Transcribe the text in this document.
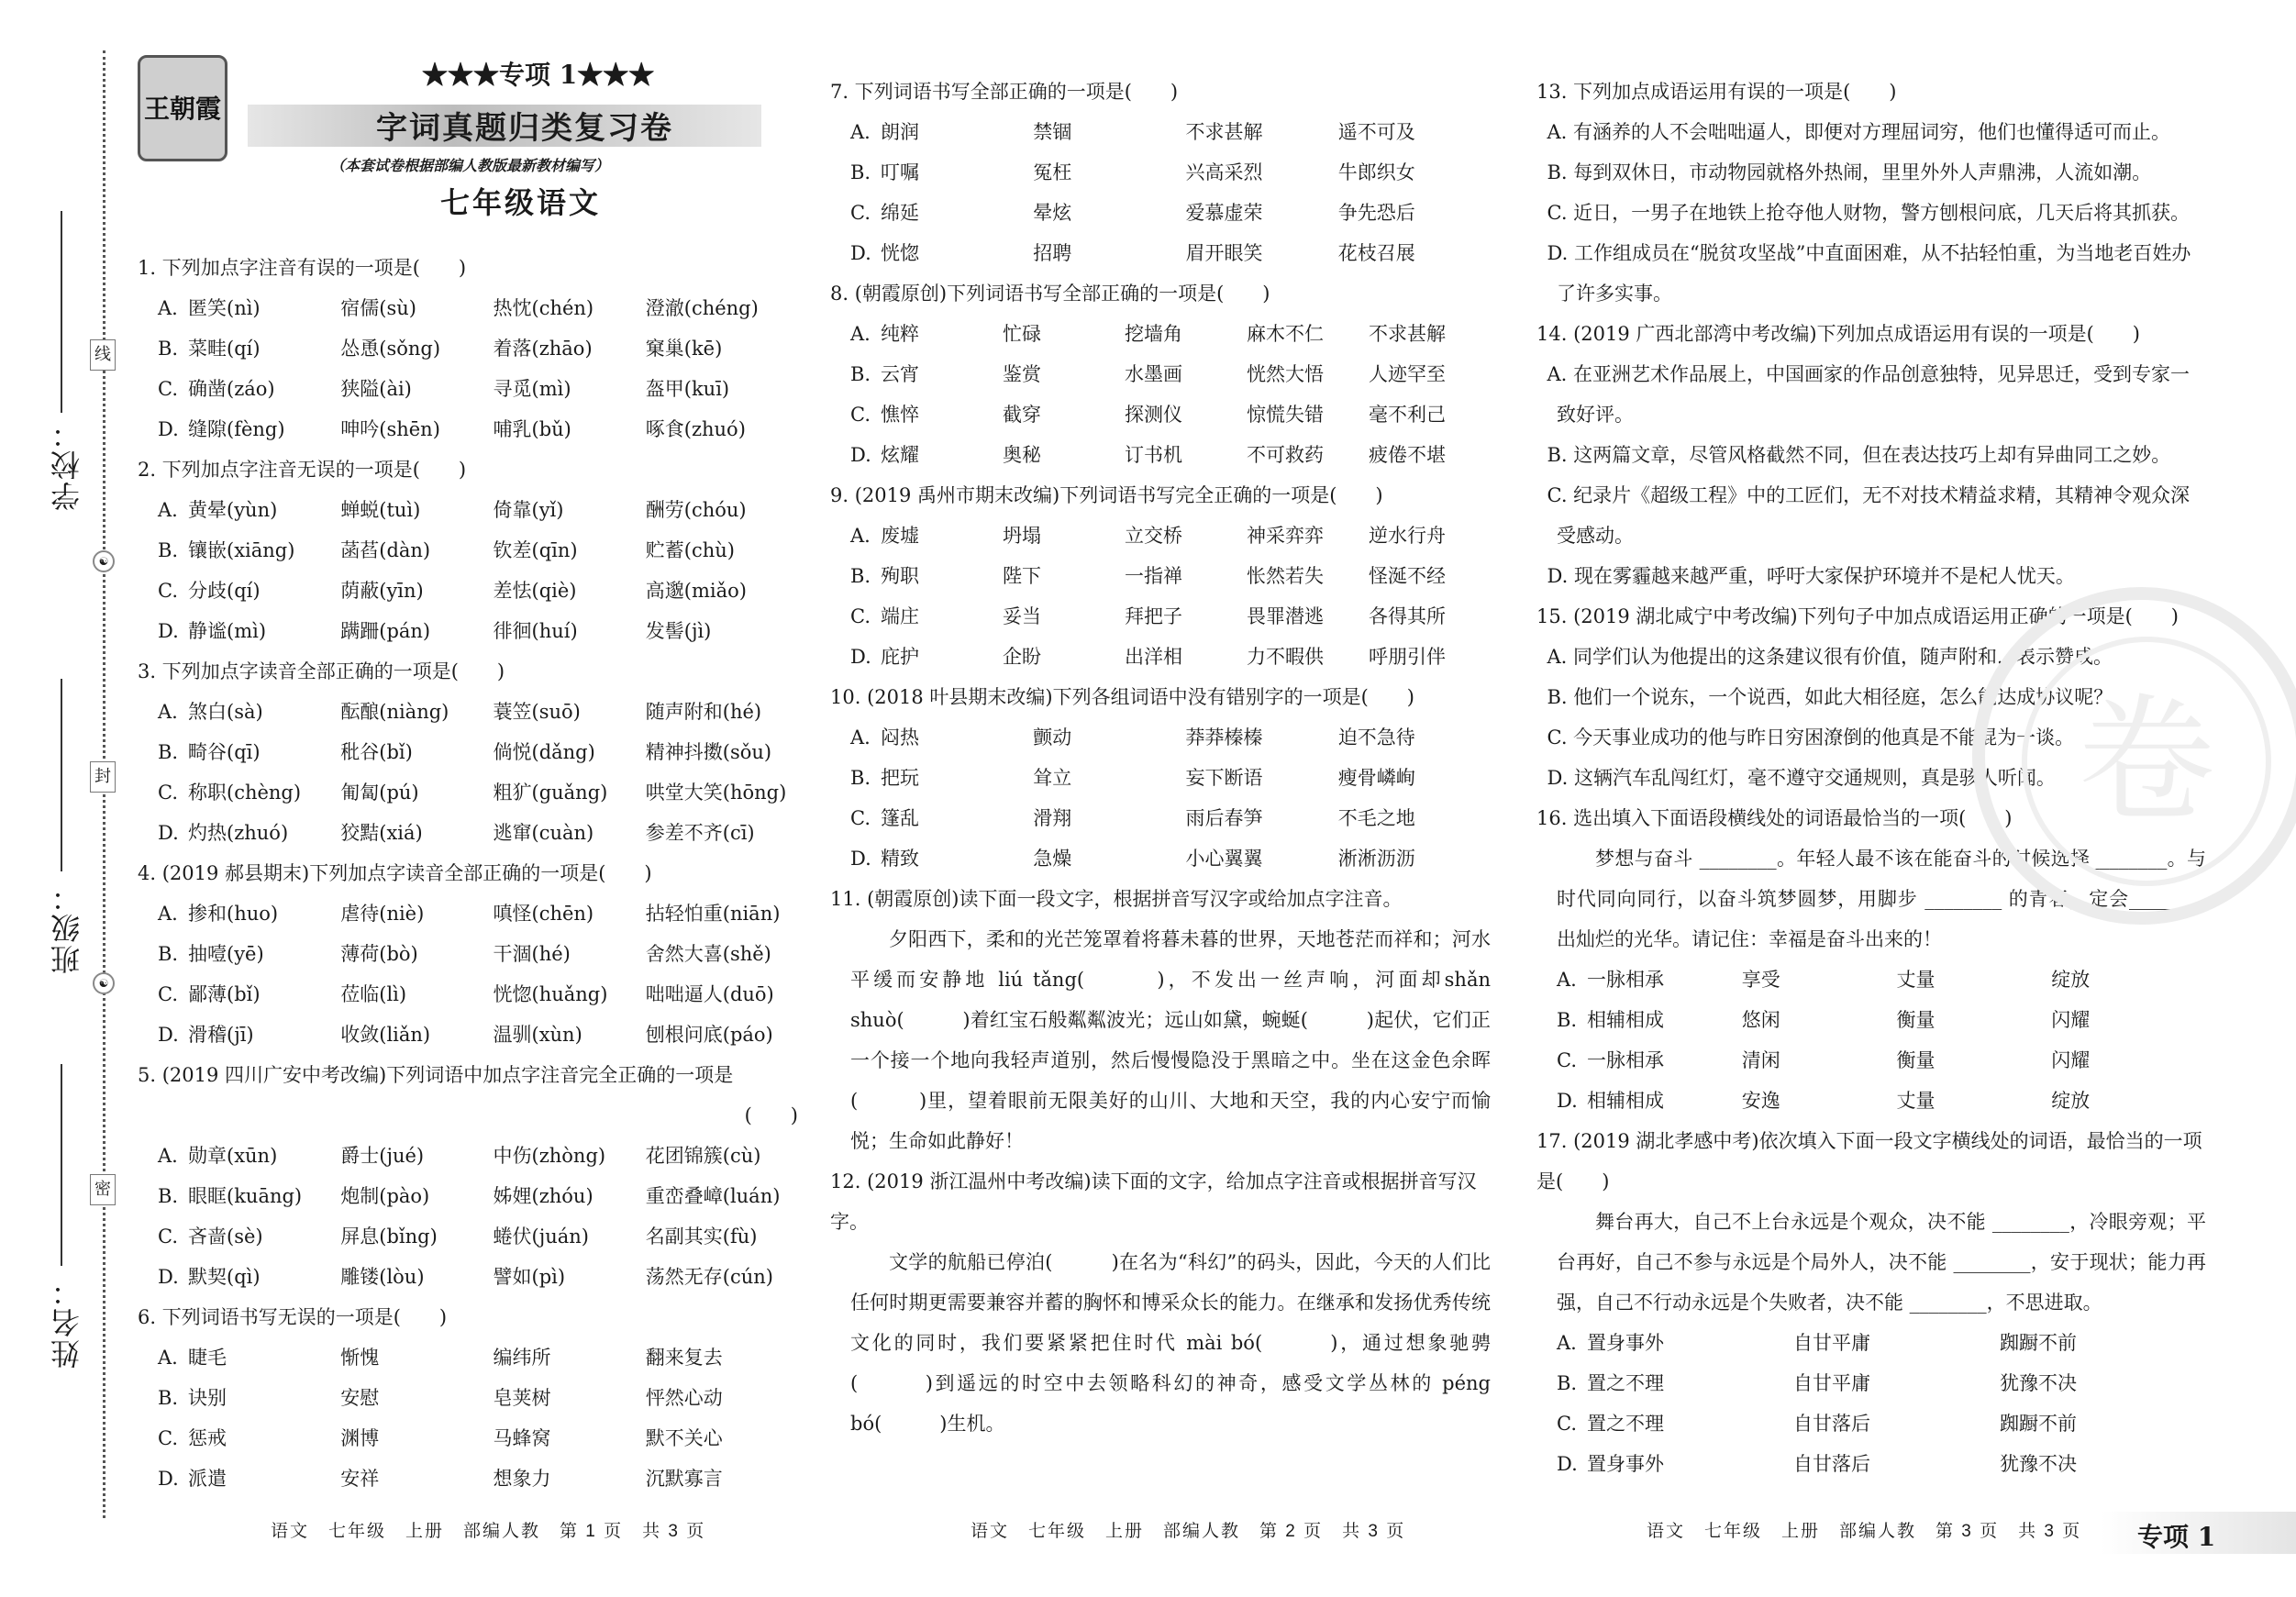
学校：
班级：
姓名：
线
封
密
☯
☯
王朝霞
★★★专项 1★★★
字词真题归类复习卷
（本套试卷根据部编人教版最新教材编写）
七年级语文

1. 下列加点字注音有误的一项是(　　)

A. 匿笑(nì)	宿儒(sù)	热忱(chén)	澄澈(chéng)
B. 菜畦(qí)	怂恿(sǒng)	着落(zhāo)	窠巢(kē)
C. 确凿(záo)	狭隘(ài)	寻觅(mì)	盔甲(kuī)
D. 缝隙(fèng)	呻吟(shēn)	哺乳(bǔ)	啄食(zhuó)

2. 下列加点字注音无误的一项是(　　)

A. 黄晕(yùn)	蝉蜕(tuì)	倚靠(yǐ)	酬劳(chóu)
B. 镶嵌(xiāng)	菡萏(dàn)	钦差(qīn)	贮蓄(chù)
C. 分歧(qí)	荫蔽(yīn)	差怯(qiè)	高邈(miǎo)
D. 静谧(mì)	蹒跚(pán)	徘徊(huí)	发髻(jì)

3. 下列加点字读音全部正确的一项是(　　)

A. 煞白(sà)	酝酿(niàng)	蓑笠(suō)	随声附和(hé)
B. 畸谷(qī)	秕谷(bǐ)	倘悦(dǎng)	精神抖擞(sǒu)
C. 称职(chèng)	匍匐(pú)	粗犷(guǎng)	哄堂大笑(hōng)
D. 灼热(zhuó)	狡黠(xiá)	逃窜(cuàn)	参差不齐(cī)

4. (2019 郝县期末)下列加点字读音全部正确的一项是(　　)

A. 掺和(huo)	虐待(niè)	嗔怪(chēn)	拈轻怕重(niān)
B. 抽噎(yē)	薄荷(bò)	干涸(hé)	舍然大喜(shě)
C. 鄙薄(bǐ)	莅临(lì)	恍惚(huǎng)	咄咄逼人(duō)
D. 滑稽(jī)	收敛(liǎn)	温驯(xùn)	刨根问底(páo)

5. (2019 四川广安中考改编)下列词语中加点字注音完全正确的一项是

(　　)

A. 勋章(xūn)	爵士(jué)	中伤(zhòng)	花团锦簇(cù)
B. 眼眶(kuāng)	炮制(pào)	姊娌(zhóu)	重峦叠嶂(luán)
C. 吝啬(sè)	屏息(bǐng)	蜷伏(juán)	名副其实(fù)
D. 默契(qì)	雕镂(lòu)	譬如(pì)	荡然无存(cún)

6. 下列词语书写无误的一项是(　　)

A. 睫毛	惭愧	编纬所	翻来复去
B. 诀别	安慰	皂荚树	怦然心动
C. 惩戒	渊博	马蜂窝	默不关心
D. 派遣	安祥	想象力	沉默寡言

7. 下列词语书写全部正确的一项是(　　)

A. 朗润	禁锢	不求甚解	遥不可及
B. 叮嘱	冤枉	兴高采烈	牛郎织女
C. 绵延	晕炫	爱慕虚荣	争先恐后
D. 恍惚	招聘	眉开眼笑	花枝召展

8. (朝霞原创)下列词语书写全部正确的一项是(　　)

A. 纯粹	忙碌	挖墙角	麻木不仁	不求甚解
B. 云宵	鉴赏	水墨画	恍然大悟	人迹罕至
C. 憔悴	截穿	探测仪	惊慌失错	毫不利己
D. 炫耀	奥秘	订书机	不可救药	疲倦不堪

9. (2019 禹州市期末改编)下列词语书写完全正确的一项是(　　)

A. 废墟	坍塌	立交桥	神采弈弈	逆水行舟
B. 殉职	陛下	一指禅	怅然若失	怪涎不经
C. 端庄	妥当	拜把子	畏罪潜逃	各得其所
D. 庇护	企盼	出洋相	力不暇供	呼朋引伴

10. (2018 叶县期末改编)下列各组词语中没有错别字的一项是(　　)

A. 闷热	颤动	莽莽榛榛	迫不急待
B. 把玩	耸立	妄下断语	瘦骨嶙峋
C. 篷乱	滑翔	雨后春笋	不毛之地
D. 精致	急燥	小心翼翼	淅淅沥沥

11. (朝霞原创)读下面一段文字，根据拼音写汉字或给加点字注音。

夕阳西下，柔和的光芒笼罩着将暮未暮的世界，天地苍茫而祥和；河水平缓而安静地 liú tǎng(　　　)，不发出一丝声响，河面却shǎn shuò(　　　)着红宝石般粼粼波光；远山如黛，蜿蜒(　　　)起伏，它们正一个接一个地向我轻声道别，然后慢慢隐没于黑暗之中。坐在这金色余晖(　　　)里，望着眼前无限美好的山川、大地和天空，我的内心安宁而愉悦；生命如此静好！

12. (2019 浙江温州中考改编)读下面的文字，给加点字注音或根据拼音写汉字。

文学的航船已停泊(　　　)在名为“科幻”的码头，因此，今天的人们比任何时期更需要兼容并蓄的胸怀和博采众长的能力。在继承和发扬优秀传统文化的同时，我们要紧紧把住时代 mài bó(　　　)，通过想象驰骋(　　　)到遥远的时空中去领略科幻的神奇，感受文学丛林的 péng bó(　　　)生机。

13. 下列加点成语运用有误的一项是(　　)

A. 有涵养的人不会咄咄逼人，即便对方理屈词穷，他们也懂得适可而止。

B. 每到双休日，市动物园就格外热闹，里里外外人声鼎沸，人流如潮。

C. 近日，一男子在地铁上抢夺他人财物，警方刨根问底，几天后将其抓获。

D. 工作组成员在“脱贫攻坚战”中直面困难，从不拈轻怕重，为当地老百姓办了许多实事。

14. (2019 广西北部湾中考改编)下列加点成语运用有误的一项是(　　)

A. 在亚洲艺术作品展上，中国画家的作品创意独特，见异思迁，受到专家一致好评。

B. 这两篇文章，尽管风格截然不同，但在表达技巧上却有异曲同工之妙。

C. 纪录片《超级工程》中的工匠们，无不对技术精益求精，其精神令观众深受感动。

D. 现在雾霾越来越严重，呼吁大家保护环境并不是杞人忧天。

15. (2019 湖北咸宁中考改编)下列句子中加点成语运用正确的一项是(　　)

A. 同学们认为他提出的这条建议很有价值，随声附和，表示赞成。

B. 他们一个说东，一个说西，如此大相径庭，怎么能达成协议呢？

C. 今天事业成功的他与昨日穷困潦倒的他真是不能混为一谈。

D. 这辆汽车乱闯红灯，毫不遵守交通规则，真是骇人听闻。

16. 选出填入下面语段横线处的词语最恰当的一项(　　)

梦想与奋斗 ________。年轻人最不该在能奋斗的时候选择________。与时代同向同行，以奋斗筑梦圆梦，用脚步 ________ 的青春，定会________ 出灿烂的光华。请记住：幸福是奋斗出来的！

A. 一脉相承	享受	丈量	绽放
B. 相辅相成	悠闲	衡量	闪耀
C. 一脉相承	清闲	衡量	闪耀
D. 相辅相成	安逸	丈量	绽放

17. (2019 湖北孝感中考)依次填入下面一段文字横线处的词语，最恰当的一项是(　　)

舞台再大，自己不上台永远是个观众，决不能 ________，冷眼旁观；平台再好，自己不参与永远是个局外人，决不能 ________，安于现状；能力再强，自己不行动永远是个失败者，决不能 ________，不思进取。

A. 置身事外	自甘平庸	踟蹰不前
B. 置之不理	自甘平庸	犹豫不决
C. 置之不理	自甘落后	踟蹰不前
D. 置身事外	自甘落后	犹豫不决
卷
语文　七年级　上册　部编人教　第 1 页　共 3 页	语文　七年级　上册　部编人教　第 2 页　共 3 页	语文　七年级　上册　部编人教　第 3 页　共 3 页 专项 1
